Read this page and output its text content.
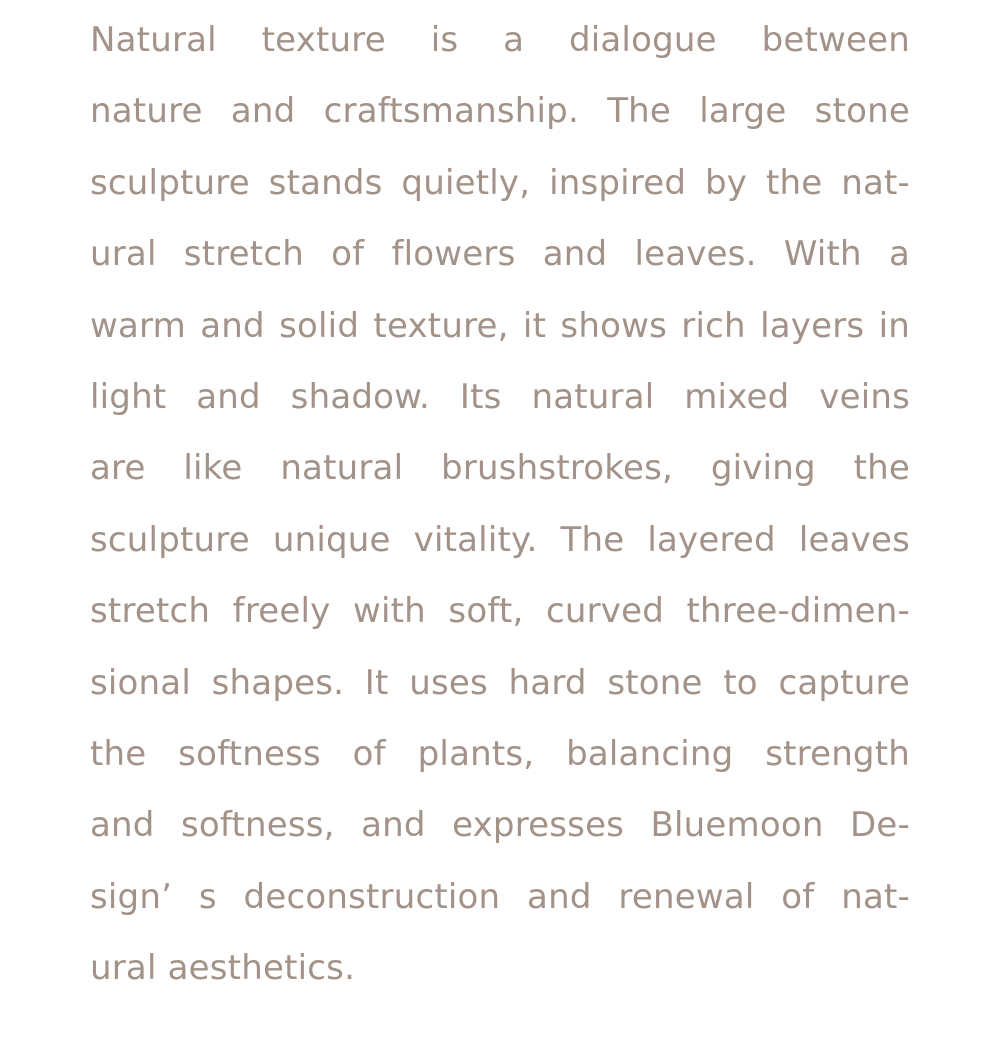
Natural texture is a dialogue between
nature and craftsmanship. The large stone
sculpture stands quietly, inspired by the nat-
ural stretch of flowers and leaves. With a
warm and solid texture, it shows rich layers in
light and shadow. Its natural mixed veins
are like natural brushstrokes, giving the
sculpture unique vitality. The layered leaves
stretch freely with soft, curved three-dimen-
sional shapes. It uses hard stone to capture
the softness of plants, balancing strength
and softness, and expresses Bluemoon De-
sign’ s deconstruction and renewal of nat-
ural aesthetics.
